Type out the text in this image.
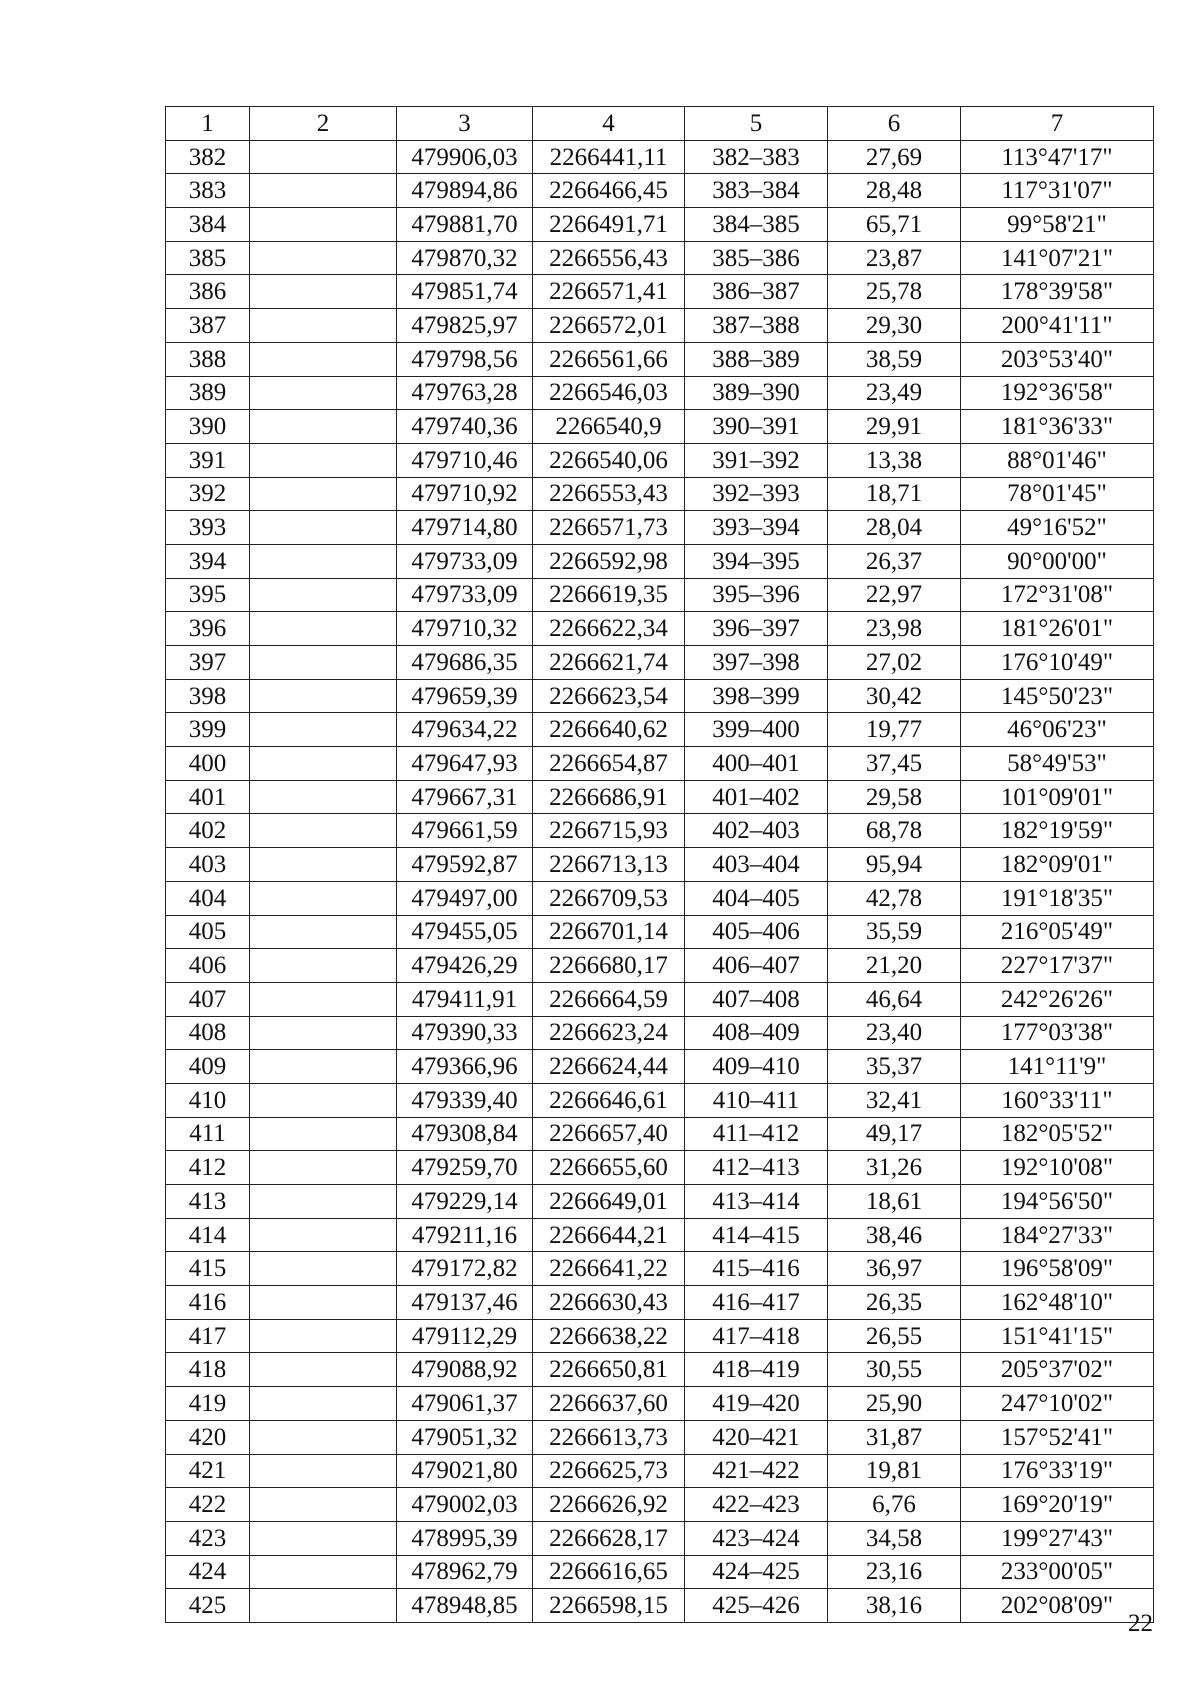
1	2	3	4	5	6	7
382		479906,03	2266441,11	382–383	27,69	113°47'17"
383		479894,86	2266466,45	383–384	28,48	117°31'07"
384		479881,70	2266491,71	384–385	65,71	99°58'21"
385		479870,32	2266556,43	385–386	23,87	141°07'21"
386		479851,74	2266571,41	386–387	25,78	178°39'58"
387		479825,97	2266572,01	387–388	29,30	200°41'11"
388		479798,56	2266561,66	388–389	38,59	203°53'40"
389		479763,28	2266546,03	389–390	23,49	192°36'58"
390		479740,36	2266540,9	390–391	29,91	181°36'33"
391		479710,46	2266540,06	391–392	13,38	88°01'46"
392		479710,92	2266553,43	392–393	18,71	78°01'45"
393		479714,80	2266571,73	393–394	28,04	49°16'52"
394		479733,09	2266592,98	394–395	26,37	90°00'00"
395		479733,09	2266619,35	395–396	22,97	172°31'08"
396		479710,32	2266622,34	396–397	23,98	181°26'01"
397		479686,35	2266621,74	397–398	27,02	176°10'49"
398		479659,39	2266623,54	398–399	30,42	145°50'23"
399		479634,22	2266640,62	399–400	19,77	46°06'23"
400		479647,93	2266654,87	400–401	37,45	58°49'53"
401		479667,31	2266686,91	401–402	29,58	101°09'01"
402		479661,59	2266715,93	402–403	68,78	182°19'59"
403		479592,87	2266713,13	403–404	95,94	182°09'01"
404		479497,00	2266709,53	404–405	42,78	191°18'35"
405		479455,05	2266701,14	405–406	35,59	216°05'49"
406		479426,29	2266680,17	406–407	21,20	227°17'37"
407		479411,91	2266664,59	407–408	46,64	242°26'26"
408		479390,33	2266623,24	408–409	23,40	177°03'38"
409		479366,96	2266624,44	409–410	35,37	141°11'9"
410		479339,40	2266646,61	410–411	32,41	160°33'11"
411		479308,84	2266657,40	411–412	49,17	182°05'52"
412		479259,70	2266655,60	412–413	31,26	192°10'08"
413		479229,14	2266649,01	413–414	18,61	194°56'50"
414		479211,16	2266644,21	414–415	38,46	184°27'33"
415		479172,82	2266641,22	415–416	36,97	196°58'09"
416		479137,46	2266630,43	416–417	26,35	162°48'10"
417		479112,29	2266638,22	417–418	26,55	151°41'15"
418		479088,92	2266650,81	418–419	30,55	205°37'02"
419		479061,37	2266637,60	419–420	25,90	247°10'02"
420		479051,32	2266613,73	420–421	31,87	157°52'41"
421		479021,80	2266625,73	421–422	19,81	176°33'19"
422		479002,03	2266626,92	422–423	6,76	169°20'19"
423		478995,39	2266628,17	423–424	34,58	199°27'43"
424		478962,79	2266616,65	424–425	23,16	233°00'05"
425		478948,85	2266598,15	425–426	38,16	202°08'09"
22
